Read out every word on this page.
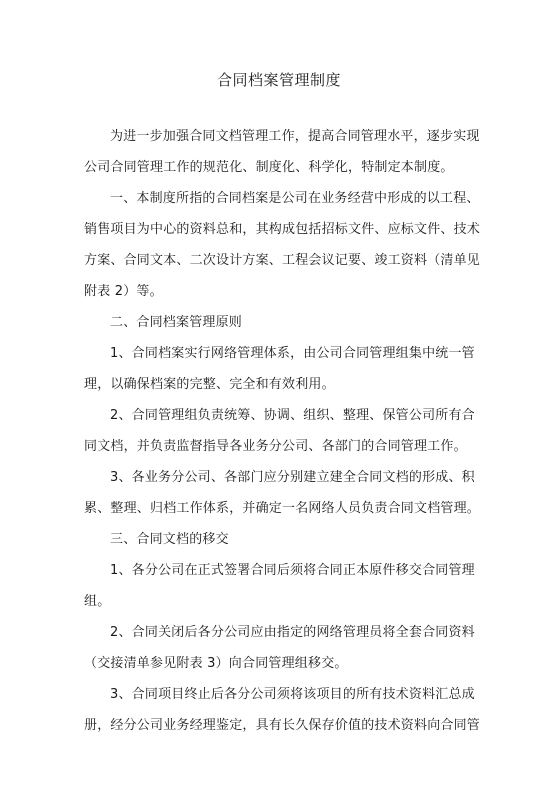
合同档案管理制度
为进一步加强合同文档管理工作，提高合同管理水平，逐步实现
公司合同管理工作的规范化、制度化、科学化，特制定本制度。
一、本制度所指的合同档案是公司在业务经营中形成的以工程、
销售项目为中心的资料总和，其构成包括招标文件、应标文件、技术
方案、合同文本、二次设计方案、工程会议记要、竣工资料（清单见
附表 2）等。
二、合同档案管理原则
1、合同档案实行网络管理体系，由公司合同管理组集中统一管
理，以确保档案的完整、完全和有效利用。
2、合同管理组负责统筹、协调、组织、整理、保管公司所有合
同文档，并负责监督指导各业务分公司、各部门的合同管理工作。
3、各业务分公司、各部门应分别建立建全合同文档的形成、积
累、整理、归档工作体系，并确定一名网络人员负责合同文档管理。
三、合同文档的移交
1、各分公司在正式签署合同后须将合同正本原件移交合同管理
组。
2、合同关闭后各分公司应由指定的网络管理员将全套合同资料
（交接清单参见附表 3）向合同管理组移交。
3、合同项目终止后各分公司须将该项目的所有技术资料汇总成
册，经分公司业务经理鉴定，具有长久保存价值的技术资料向合同管
